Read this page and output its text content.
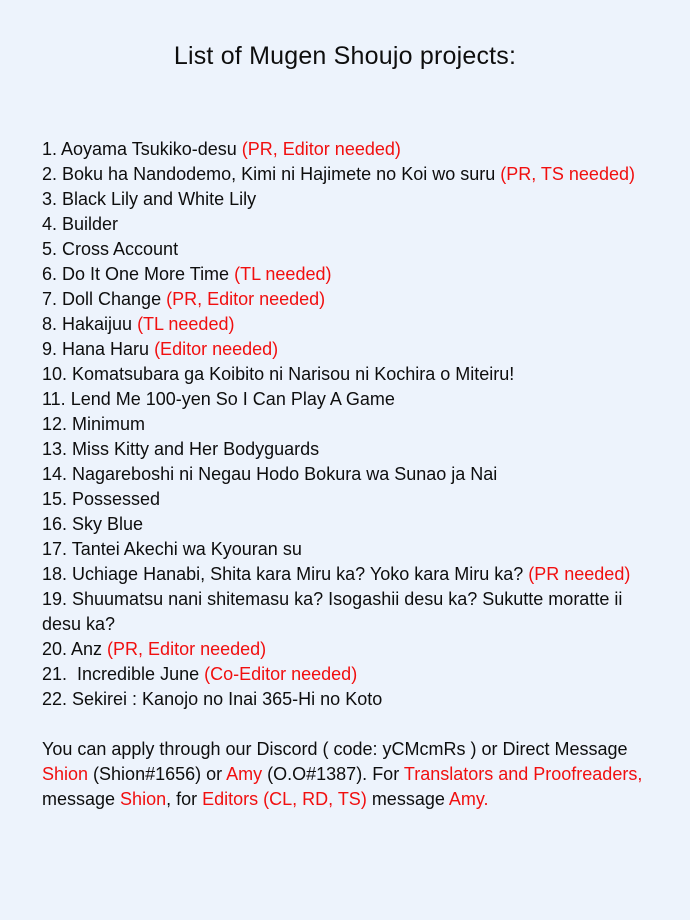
List of Mugen Shoujo projects:
1. Aoyama Tsukiko-desu (PR, Editor needed)
2. Boku ha Nandodemo, Kimi ni Hajimete no Koi wo suru (PR, TS needed)
3. Black Lily and White Lily
4. Builder
5. Cross Account
6. Do It One More Time (TL needed)
7. Doll Change (PR, Editor needed)
8. Hakaijuu (TL needed)
9. Hana Haru (Editor needed)
10. Komatsubara ga Koibito ni Narisou ni Kochira o Miteiru!
11. Lend Me 100-yen So I Can Play A Game
12. Minimum
13. Miss Kitty and Her Bodyguards
14. Nagareboshi ni Negau Hodo Bokura wa Sunao ja Nai
15. Possessed
16. Sky Blue
17. Tantei Akechi wa Kyouran su
18. Uchiage Hanabi, Shita kara Miru ka? Yoko kara Miru ka? (PR needed)
19. Shuumatsu nani shitemasu ka? Isogashii desu ka? Sukutte moratte ii desu ka?
20. Anz (PR, Editor needed)
21.  Incredible June (Co-Editor needed)
22. Sekirei : Kanojo no Inai 365-Hi no Koto
You can apply through our Discord ( code: yCMcmRs ) or Direct Message Shion (Shion#1656) or Amy (O.O#1387). For Translators and Proofreaders, message Shion, for Editors (CL, RD, TS) message Amy.
